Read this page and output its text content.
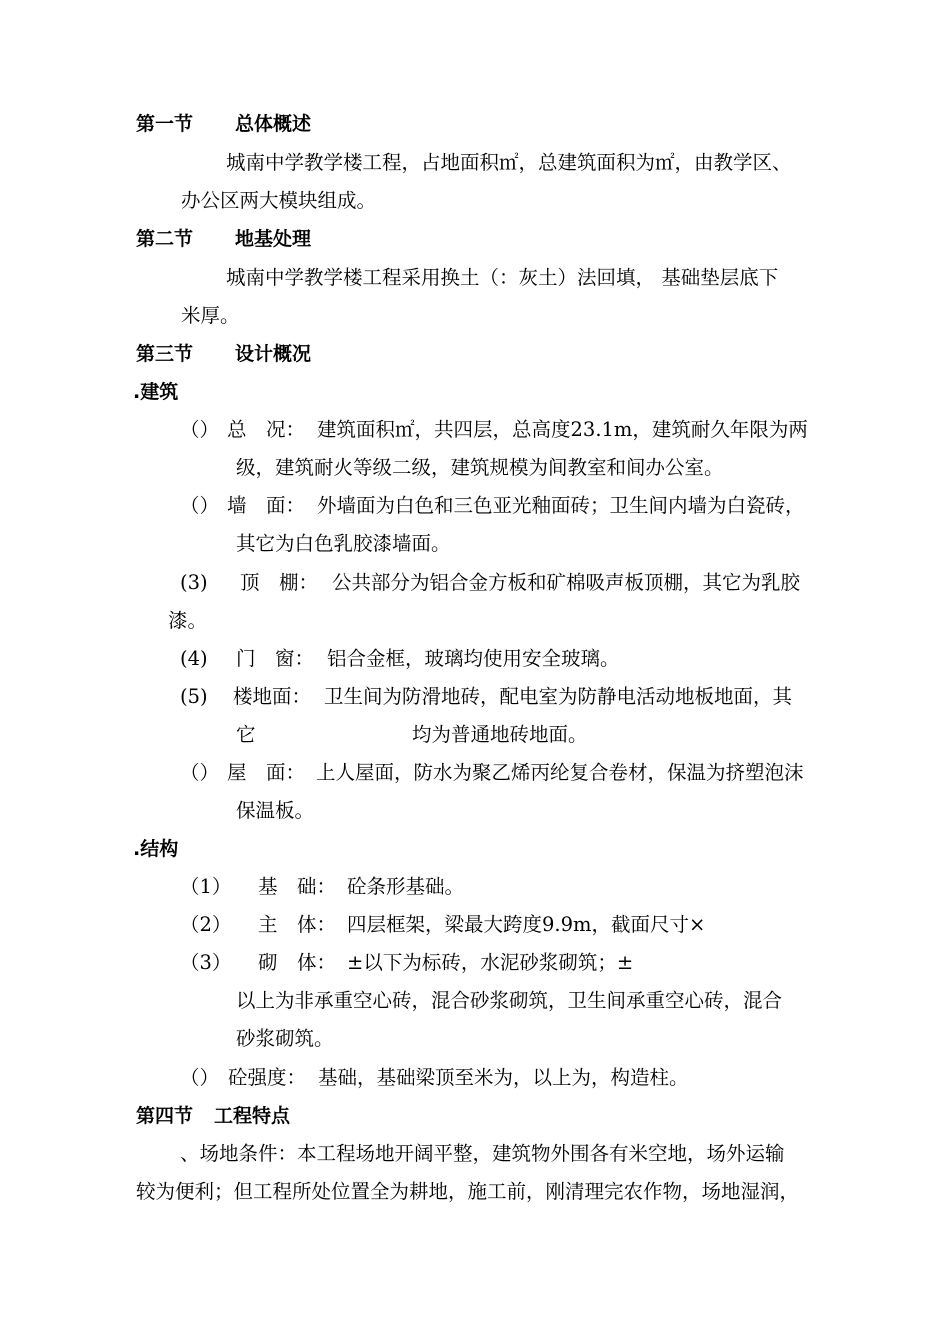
第一节 总体概述
城南中学教学楼工程，占地面积㎡，总建筑面积为㎡，由教学区、
办公区两大模块组成。
第二节 地基处理
城南中学教学楼工程采用换土（：灰土）法回填， 基础垫层底下
米厚。
第三节 设计概况
.建筑
（） 总　况： 建筑面积㎡，共四层，总高度23.1m，建筑耐久年限为两
级，建筑耐火等级二级，建筑规模为间教室和间办公室。
（） 墙　面： 外墙面为白色和三色亚光釉面砖；卫生间内墙为白瓷砖，
其它为白色乳胶漆墙面。
(3) 顶　棚： 公共部分为铝合金方板和矿棉吸声板顶棚，其它为乳胶
漆。
(4) 门　窗： 铝合金框，玻璃均使用安全玻璃。
(5) 楼地面： 卫生间为防滑地砖，配电室为防静电活动地板地面，其
它	均为普通地砖地面。
（） 屋　面： 上人屋面，防水为聚乙烯丙纶复合卷材，保温为挤塑泡沫
保温板。
.结构
（1） 基　础： 砼条形基础。
（2） 主　体： 四层框架，梁最大跨度9.9m，截面尺寸×
（3） 砌　体： ±以下为标砖，水泥砂浆砌筑；±
以上为非承重空心砖，混合砂浆砌筑，卫生间承重空心砖，混合
砂浆砌筑。
（） 砼强度： 基础，基础梁顶至米为，以上为，构造柱。
第四节 工程特点
、场地条件：本工程场地开阔平整，建筑物外围各有米空地，场外运输
较为便利；但工程所处位置全为耕地，施工前，刚清理完农作物，场地湿润，
